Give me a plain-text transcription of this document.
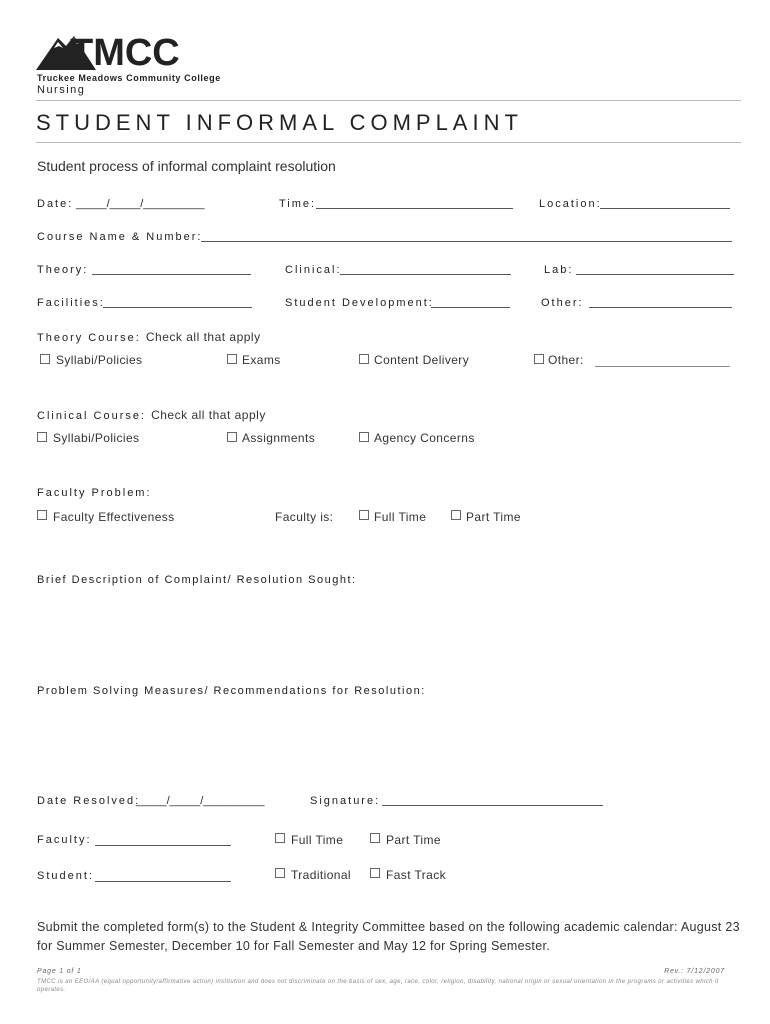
TMCC
Truckee Meadows Community College
Nursing
STUDENT INFORMAL COMPLAINT
Student process of informal complaint resolution
Date: _____/_____/__________	Time:	Location:
Course Name & Number:
Theory:	Clinical:	Lab:
Facilities:	Student Development:	Other:
Theory Course: Check all that apply
Syllabi/Policies	Exams	Content Delivery	Other:
Clinical Course: Check all that apply
Syllabi/Policies	Assignments	Agency Concerns
Faculty Problem:
Faculty Effectiveness	Faculty is:	Full Time	Part Time
Brief Description of Complaint/ Resolution Sought:
Problem Solving Measures/ Recommendations for Resolution:
Date Resolved:
_____/_____/__________	Signature:
Faculty:	Full Time	Part Time
Student:	Traditional	Fast Track
Submit the completed form(s) to the Student & Integrity Committee based on the following academic calendar: August 23 for Summer Semester, December 10 for Fall Semester and May 12 for Spring Semester.
Page 1 of 1	Rev.: 7/12/2007
TMCC is an EEO/AA (equal opportunity/affirmative action) institution and does not discriminate on the basis of sex, age, race, color, religion, disability, national origin or sexual orientation in the programs or activities which it operates.
